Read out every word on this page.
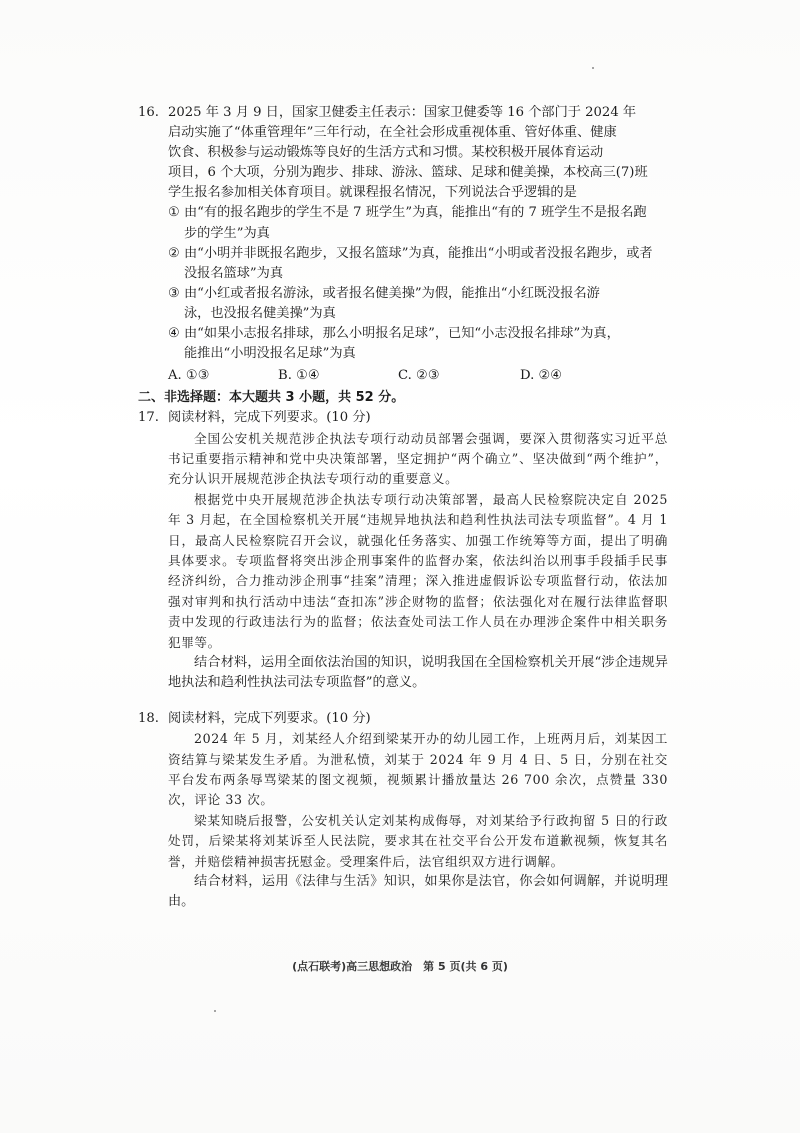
16. 2025 年 3 月 9 日，国家卫健委主任表示：国家卫健委等 16 个部门于 2024 年
启动实施了“体重管理年”三年行动，在全社会形成重视体重、管好体重、健康
饮食、积极参与运动锻炼等良好的生活方式和习惯。某校积极开展体育运动
项目，6 个大项，分别为跑步、排球、游泳、篮球、足球和健美操，本校高三(7)班
学生报名参加相关体育项目。就课程报名情况，下列说法合乎逻辑的是
① 由“有的报名跑步的学生不是 7 班学生”为真，能推出“有的 7 班学生不是报名跑
步的学生”为真
② 由“小明并非既报名跑步，又报名篮球”为真，能推出“小明或者没报名跑步，或者
没报名篮球”为真
③ 由“小红或者报名游泳，或者报名健美操”为假，能推出“小红既没报名游
泳，也没报名健美操”为真
④ 由“如果小志报名排球，那么小明报名足球”，已知“小志没报名排球”为真，
能推出“小明没报名足球”为真
A. ①③	B. ①④	C. ②③	D. ②④
二、非选择题：本大题共 3 小题，共 52 分。
17. 阅读材料，完成下列要求。(10 分)
全国公安机关规范涉企执法专项行动动员部署会强调，要深入贯彻落实习近平总书记重要指示精神和党中央决策部署，坚定拥护“两个确立”、坚决做到“两个维护”，充分认识开展规范涉企执法专项行动的重要意义。
根据党中央开展规范涉企执法专项行动决策部署，最高人民检察院决定自 2025 年 3 月起，在全国检察机关开展“违规异地执法和趋利性执法司法专项监督”。4 月 1 日，最高人民检察院召开会议，就强化任务落实、加强工作统筹等方面，提出了明确具体要求。专项监督将突出涉企刑事案件的监督办案，依法纠治以刑事手段插手民事经济纠纷，合力推动涉企刑事“挂案”清理；深入推进虚假诉讼专项监督行动，依法加强对审判和执行活动中违法“查扣冻”涉企财物的监督；依法强化对在履行法律监督职责中发现的行政违法行为的监督；依法查处司法工作人员在办理涉企案件中相关职务犯罪等。
结合材料，运用全面依法治国的知识，说明我国在全国检察机关开展“涉企违规异地执法和趋利性执法司法专项监督”的意义。
18. 阅读材料，完成下列要求。(10 分)
2024 年 5 月，刘某经人介绍到梁某开办的幼儿园工作，上班两月后，刘某因工资结算与梁某发生矛盾。为泄私愤，刘某于 2024 年 9 月 4 日、5 日，分别在社交平台发布两条辱骂梁某的图文视频，视频累计播放量达 26 700 余次，点赞量 330 次，评论 33 次。
梁某知晓后报警，公安机关认定刘某构成侮辱，对刘某给予行政拘留 5 日的行政处罚，后梁某将刘某诉至人民法院，要求其在社交平台公开发布道歉视频，恢复其名誉，并赔偿精神损害抚慰金。受理案件后，法官组织双方进行调解。
结合材料，运用《法律与生活》知识，如果你是法官，你会如何调解，并说明理由。
(点石联考)高三思想政治　第 5 页(共 6 页)
